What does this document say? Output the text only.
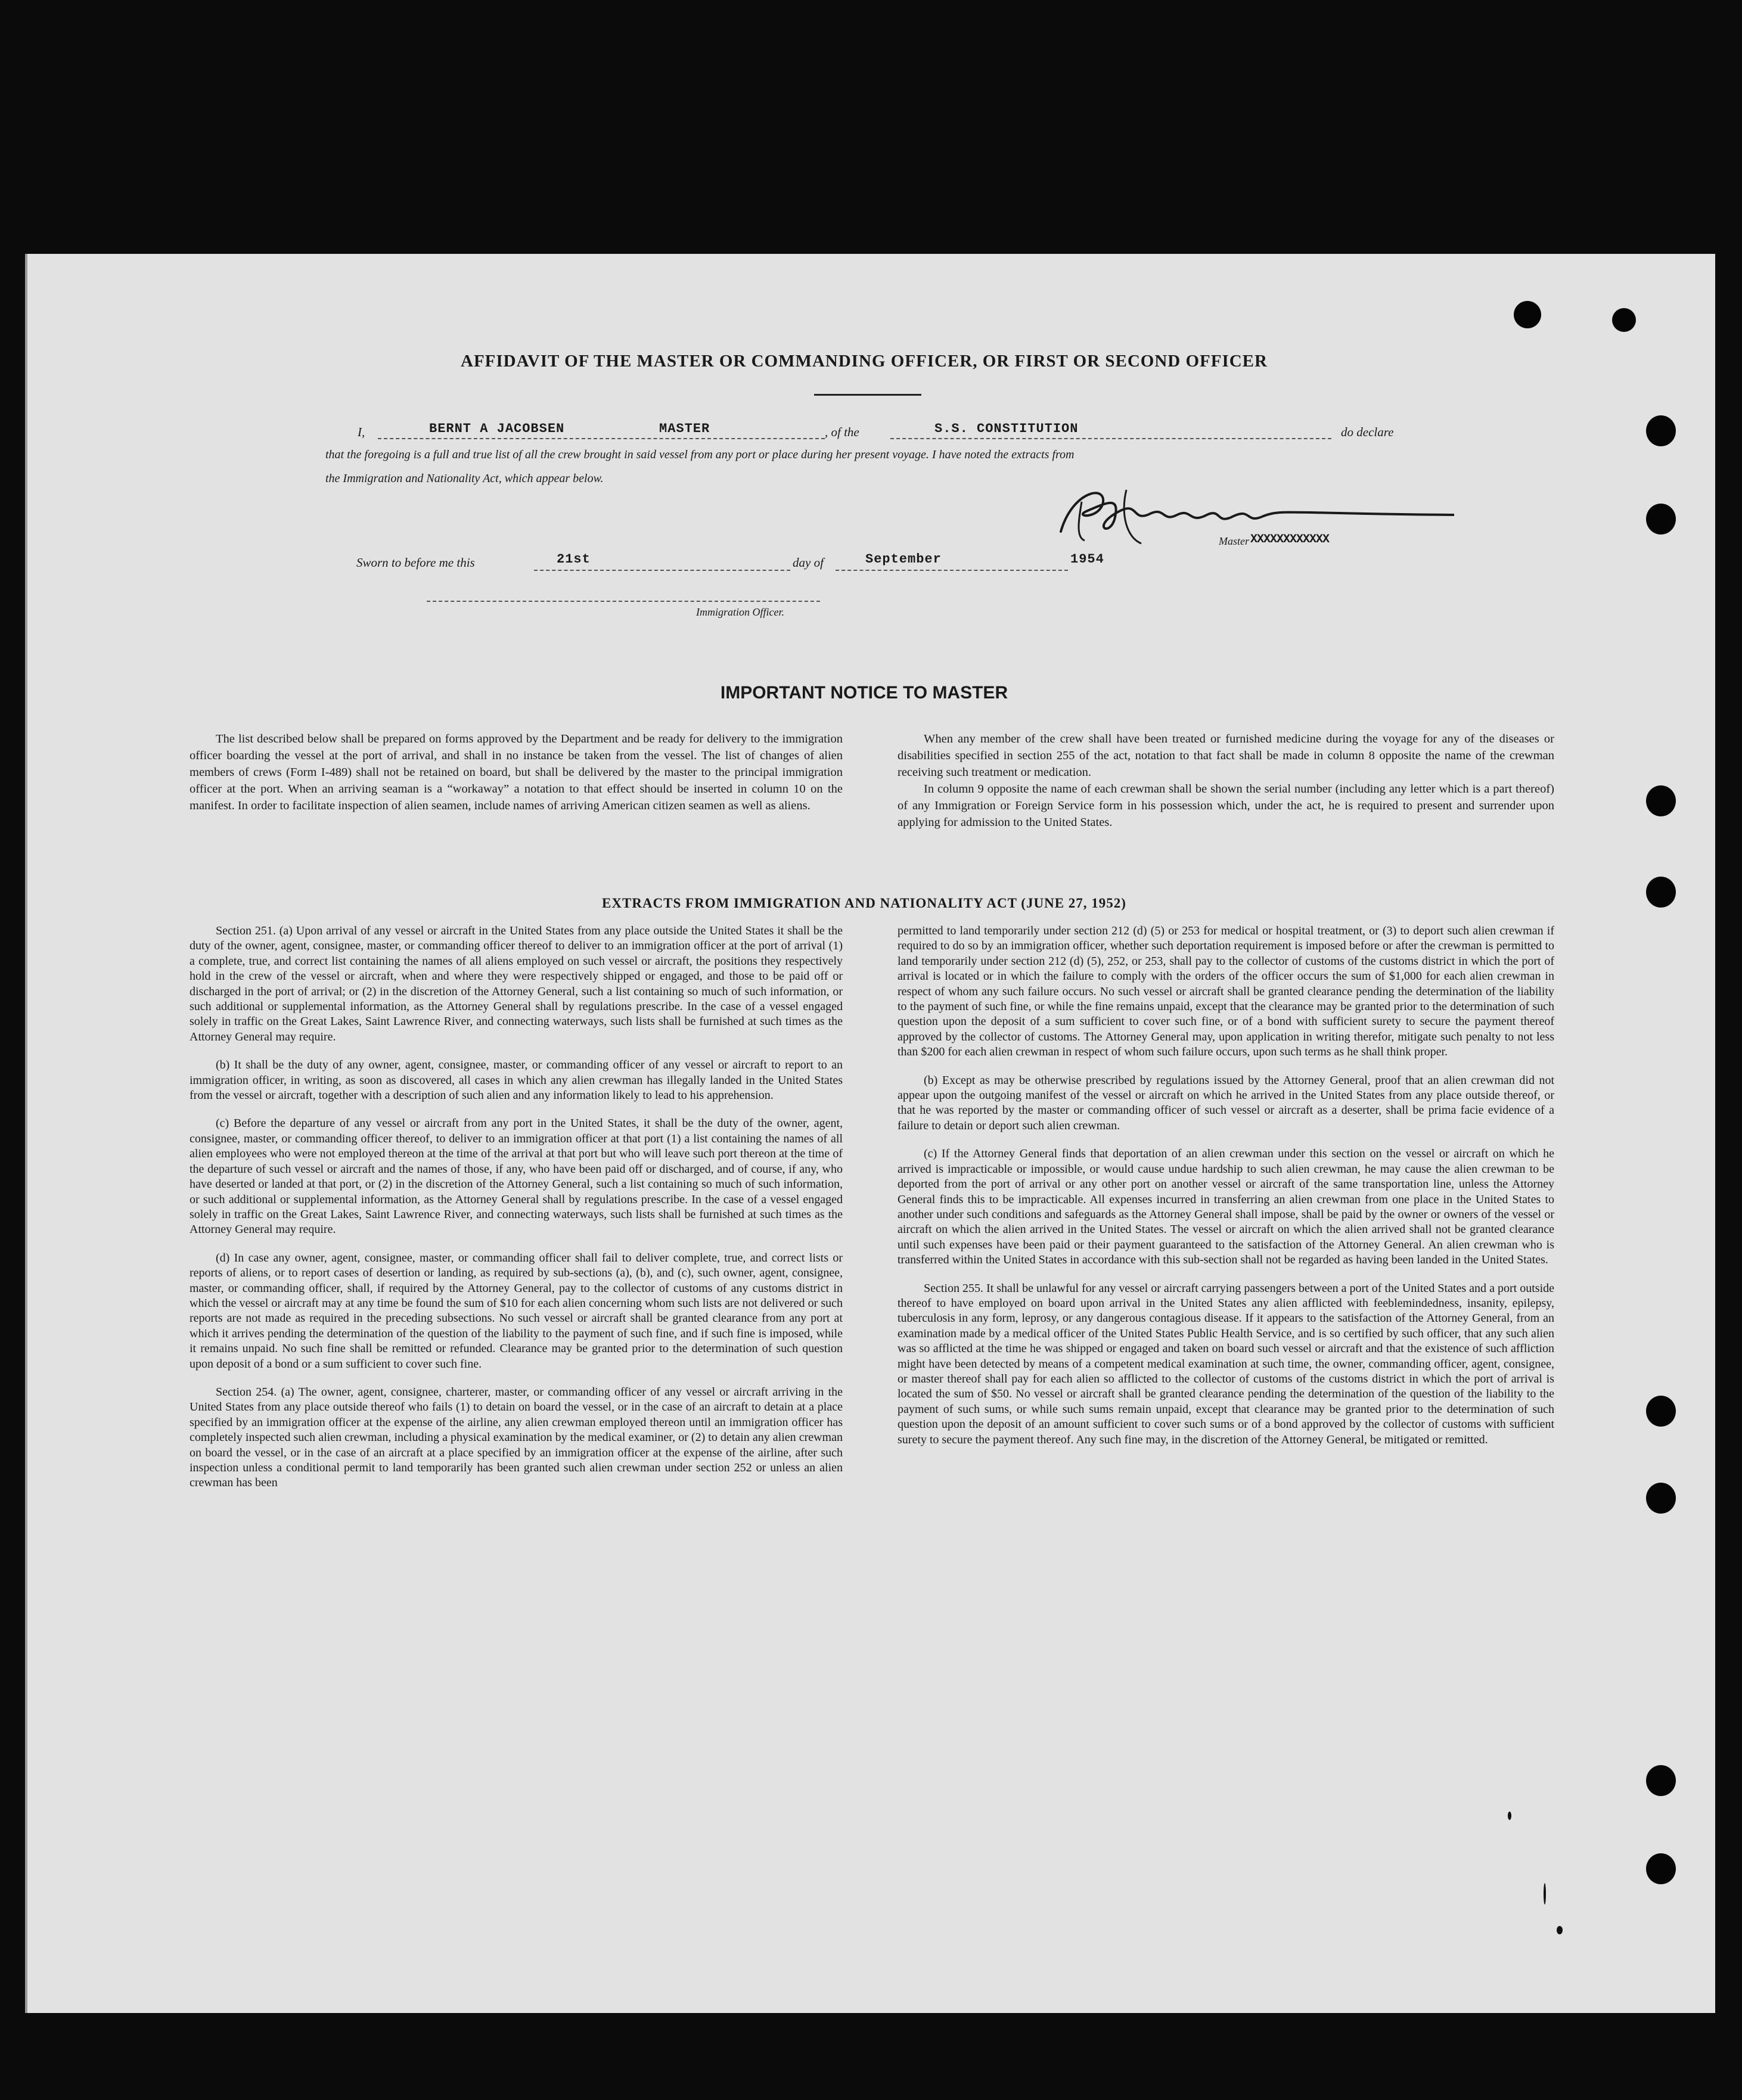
AFFIDAVIT OF THE MASTER OR COMMANDING OFFICER, OR FIRST OR SECOND OFFICER
I,	BERNT A JACOBSEN	MASTER	, of the	S.S. CONSTITUTION	do declare
that the foregoing is a full and true list of all the crew brought in said vessel from any port or place during her present voyage. I have noted the extracts from
the Immigration and Nationality Act, which appear below.
Master XXXXXXXXXXXX
Sworn to before me this	21st	day of	September	1954
Immigration Officer.
IMPORTANT NOTICE TO MASTER

The list described below shall be prepared on forms approved by the Department and be ready for delivery to the immigration officer boarding the vessel at the port of arrival, and shall in no instance be taken from the vessel. The list of changes of alien members of crews (Form I-489) shall not be retained on board, but shall be delivered by the master to the principal immigration officer at the port. When an arriving seaman is a “workaway” a notation to that effect should be inserted in column 10 on the manifest. In order to facilitate inspection of alien seamen, include names of arriving American citizen seamen as well as aliens.

When any member of the crew shall have been treated or furnished medicine during the voyage for any of the diseases or disabilities specified in section 255 of the act, notation to that fact shall be made in column 8 opposite the name of the crewman receiving such treatment or medication.

In column 9 opposite the name of each crewman shall be shown the serial number (including any letter which is a part thereof) of any Immigration or Foreign Service form in his possession which, under the act, he is required to present and surrender upon applying for admission to the United States.

EXTRACTS FROM IMMIGRATION AND NATIONALITY ACT (JUNE 27, 1952)

Section 251. (a) Upon arrival of any vessel or aircraft in the United States from any place outside the United States it shall be the duty of the owner, agent, consignee, master, or commanding officer thereof to deliver to an immigration officer at the port of arrival (1) a complete, true, and correct list containing the names of all aliens employed on such vessel or aircraft, the positions they respectively hold in the crew of the vessel or aircraft, when and where they were respectively shipped or engaged, and those to be paid off or discharged in the port of arrival; or (2) in the discretion of the Attorney General, such a list containing so much of such information, or such additional or supplemental information, as the Attorney General shall by regulations prescribe. In the case of a vessel engaged solely in traffic on the Great Lakes, Saint Lawrence River, and connecting waterways, such lists shall be furnished at such times as the Attorney General may require.

(b) It shall be the duty of any owner, agent, consignee, master, or commanding officer of any vessel or aircraft to report to an immigration officer, in writing, as soon as discovered, all cases in which any alien crewman has illegally landed in the United States from the vessel or aircraft, together with a description of such alien and any information likely to lead to his apprehension.

(c) Before the departure of any vessel or aircraft from any port in the United States, it shall be the duty of the owner, agent, consignee, master, or commanding officer thereof, to deliver to an immigration officer at that port (1) a list containing the names of all alien employees who were not employed thereon at the time of the arrival at that port but who will leave such port thereon at the time of the departure of such vessel or aircraft and the names of those, if any, who have been paid off or discharged, and of course, if any, who have deserted or landed at that port, or (2) in the discretion of the Attorney General, such a list containing so much of such information, or such additional or supplemental information, as the Attorney General shall by regulations prescribe. In the case of a vessel engaged solely in traffic on the Great Lakes, Saint Lawrence River, and connecting waterways, such lists shall be furnished at such times as the Attorney General may require.

(d) In case any owner, agent, consignee, master, or commanding officer shall fail to deliver complete, true, and correct lists or reports of aliens, or to report cases of desertion or landing, as required by sub-sections (a), (b), and (c), such owner, agent, consignee, master, or commanding officer, shall, if required by the Attorney General, pay to the collector of customs of any customs district in which the vessel or aircraft may at any time be found the sum of $10 for each alien concerning whom such lists are not delivered or such reports are not made as required in the preceding subsections. No such vessel or aircraft shall be granted clearance from any port at which it arrives pending the determination of the question of the liability to the payment of such fine, and if such fine is imposed, while it remains unpaid. No such fine shall be remitted or refunded. Clearance may be granted prior to the determination of such question upon deposit of a bond or a sum sufficient to cover such fine.

Section 254. (a) The owner, agent, consignee, charterer, master, or commanding officer of any vessel or aircraft arriving in the United States from any place outside thereof who fails (1) to detain on board the vessel, or in the case of an aircraft to detain at a place specified by an immigration officer at the expense of the airline, any alien crewman employed thereon until an immigration officer has completely inspected such alien crewman, including a physical examination by the medical examiner, or (2) to detain any alien crewman on board the vessel, or in the case of an aircraft at a place specified by an immigration officer at the expense of the airline, after such inspection unless a conditional permit to land temporarily has been granted such alien crewman under section 252 or unless an alien crewman has been

permitted to land temporarily under section 212 (d) (5) or 253 for medical or hospital treatment, or (3) to deport such alien crewman if required to do so by an immigration officer, whether such deportation requirement is imposed before or after the crewman is permitted to land temporarily under section 212 (d) (5), 252, or 253, shall pay to the collector of customs of the customs district in which the port of arrival is located or in which the failure to comply with the orders of the officer occurs the sum of $1,000 for each alien crewman in respect of whom any such failure occurs. No such vessel or aircraft shall be granted clearance pending the determination of the liability to the payment of such fine, or while the fine remains unpaid, except that the clearance may be granted prior to the determination of such question upon the deposit of a sum sufficient to cover such fine, or of a bond with sufficient surety to secure the payment thereof approved by the collector of customs. The Attorney General may, upon application in writing therefor, mitigate such penalty to not less than $200 for each alien crewman in respect of whom such failure occurs, upon such terms as he shall think proper.

(b) Except as may be otherwise prescribed by regulations issued by the Attorney General, proof that an alien crewman did not appear upon the outgoing manifest of the vessel or aircraft on which he arrived in the United States from any place outside thereof, or that he was reported by the master or commanding officer of such vessel or aircraft as a deserter, shall be prima facie evidence of a failure to detain or deport such alien crewman.

(c) If the Attorney General finds that deportation of an alien crewman under this section on the vessel or aircraft on which he arrived is impracticable or impossible, or would cause undue hardship to such alien crewman, he may cause the alien crewman to be deported from the port of arrival or any other port on another vessel or aircraft of the same transportation line, unless the Attorney General finds this to be impracticable. All expenses incurred in transferring an alien crewman from one place in the United States to another under such conditions and safeguards as the Attorney General shall impose, shall be paid by the owner or owners of the vessel or aircraft on which the alien arrived in the United States. The vessel or aircraft on which the alien arrived shall not be granted clearance until such expenses have been paid or their payment guaranteed to the satisfaction of the Attorney General. An alien crewman who is transferred within the United States in accordance with this sub-section shall not be regarded as having been landed in the United States.

Section 255. It shall be unlawful for any vessel or aircraft carrying passengers between a port of the United States and a port outside thereof to have employed on board upon arrival in the United States any alien afflicted with feeblemindedness, insanity, epilepsy, tuberculosis in any form, leprosy, or any dangerous contagious disease. If it appears to the satisfaction of the Attorney General, from an examination made by a medical officer of the United States Public Health Service, and is so certified by such officer, that any such alien was so afflicted at the time he was shipped or engaged and taken on board such vessel or aircraft and that the existence of such affliction might have been detected by means of a competent medical examination at such time, the owner, commanding officer, agent, consignee, or master thereof shall pay for each alien so afflicted to the collector of customs of the customs district in which the port of arrival is located the sum of $50. No vessel or aircraft shall be granted clearance pending the determination of the question of the liability to the payment of such sums, or while such sums remain unpaid, except that clearance may be granted prior to the determination of such question upon the deposit of an amount sufficient to cover such sums or of a bond approved by the collector of customs with sufficient surety to secure the payment thereof. Any such fine may, in the discretion of the Attorney General, be mitigated or remitted.
